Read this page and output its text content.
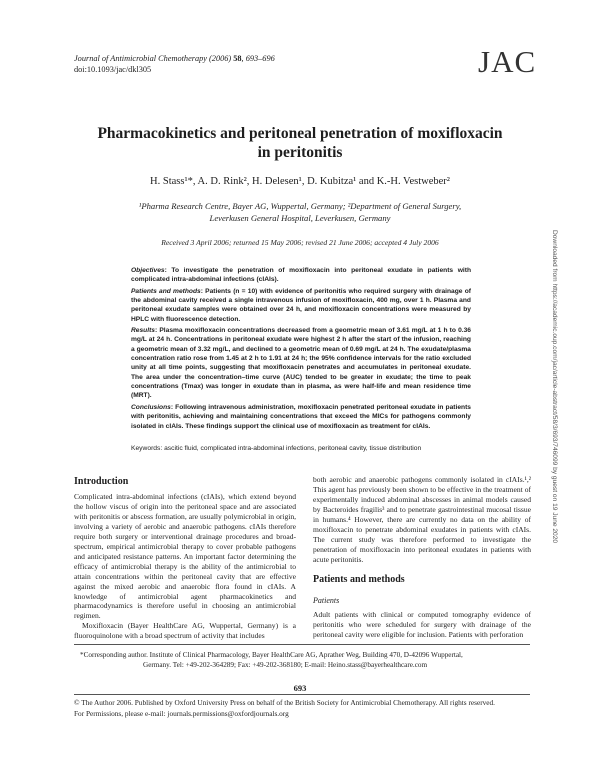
Journal of Antimicrobial Chemotherapy (2006) 58, 693–696
doi:10.1093/jac/dkl305	JAC
Pharmacokinetics and peritoneal penetration of moxifloxacin
in peritonitis
H. Stass¹*, A. D. Rink², H. Delesen¹, D. Kubitza¹ and K.-H. Vestweber²
¹Pharma Research Centre, Bayer AG, Wuppertal, Germany; ²Department of General Surgery,
Leverkusen General Hospital, Leverkusen, Germany
Received 3 April 2006; returned 15 May 2006; revised 21 June 2006; accepted 4 July 2006

Objectives: To investigate the penetration of moxifloxacin into peritoneal exudate in patients with complicated intra-abdominal infections (cIAIs).

Patients and methods: Patients (n = 10) with evidence of peritonitis who required surgery with drainage of the abdominal cavity received a single intravenous infusion of moxifloxacin, 400 mg, over 1 h. Plasma and peritoneal exudate samples were obtained over 24 h, and moxifloxacin concentrations were measured by HPLC with fluorescence detection.

Results: Plasma moxifloxacin concentrations decreased from a geometric mean of 3.61 mg/L at 1 h to 0.36 mg/L at 24 h. Concentrations in peritoneal exudate were highest 2 h after the start of the infusion, reaching a geometric mean of 3.32 mg/L, and declined to a geometric mean of 0.69 mg/L at 24 h. The exudate/plasma concentration ratio rose from 1.45 at 2 h to 1.91 at 24 h; the 95% confidence intervals for the ratio excluded unity at all time points, suggesting that moxifloxacin penetrates and accumulates in peritoneal exudate. The area under the concentration–time curve (AUC) tended to be greater in exudate; the time to peak concentrations (Tmax) was longer in exudate than in plasma, as were half-life and mean residence time (MRT).

Conclusions: Following intravenous administration, moxifloxacin penetrated peritoneal exudate in patients with peritonitis, achieving and maintaining concentrations that exceed the MICs for pathogens commonly isolated in cIAIs. These findings support the clinical use of moxifloxacin as treatment for cIAIs.

Keywords: ascitic fluid, complicated intra-abdominal infections, peritoneal cavity, tissue distribution	Downloaded from https://academic.oup.com/jac/article-abstract/58/3/693/746099 by guest on 19 June 2020
Introduction

Complicated intra-abdominal infections (cIAIs), which extend beyond the hollow viscus of origin into the peritoneal space and are associated with peritonitis or abscess formation, are usually polymicrobial in origin, involving a variety of aerobic and anaerobic pathogens. cIAIs therefore require both surgery or interventional drainage procedures and broad-spectrum, empirical antimicrobial therapy to cover probable pathogens and anticipated resistance patterns. An important factor determining the efficacy of antimicrobial therapy is the ability of the antimicrobial to attain concentrations within the peritoneal cavity that are effective against the mixed aerobic and anaerobic flora found in cIAIs. A knowledge of antimicrobial agent pharmacokinetics and pharmacodynamics is therefore useful in choosing an antimicrobial regimen.

Moxifloxacin (Bayer HealthCare AG, Wuppertal, Germany) is a fluoroquinolone with a broad spectrum of activity that includes

both aerobic and anaerobic pathogens commonly isolated in cIAIs.¹,² This agent has previously been shown to be effective in the treatment of experimentally induced abdominal abscesses in animal models caused by Bacteroides fragilis³ and to penetrate gastrointestinal mucosal tissue in humans.⁴ However, there are currently no data on the ability of moxifloxacin to penetrate abdominal exudates in patients with cIAIs. The current study was therefore performed to investigate the penetration of moxifloxacin into peritoneal exudates in patients with acute peritonitis.

Patients and methods
Patients

Adult patients with clinical or computed tomography evidence of peritonitis who were scheduled for surgery with drainage of the peritoneal cavity were eligible for inclusion. Patients with perforation

*Corresponding author. Institute of Clinical Pharmacology, Bayer HealthCare AG, Aprather Weg, Building 470, D-42096 Wuppertal,
Germany. Tel: +49-202-364289; Fax: +49-202-368180; E-mail: Heino.stass@bayerhealthcare.com
693
© The Author 2006. Published by Oxford University Press on behalf of the British Society for Antimicrobial Chemotherapy. All rights reserved.
For Permissions, please e-mail: journals.permissions@oxfordjournals.org
